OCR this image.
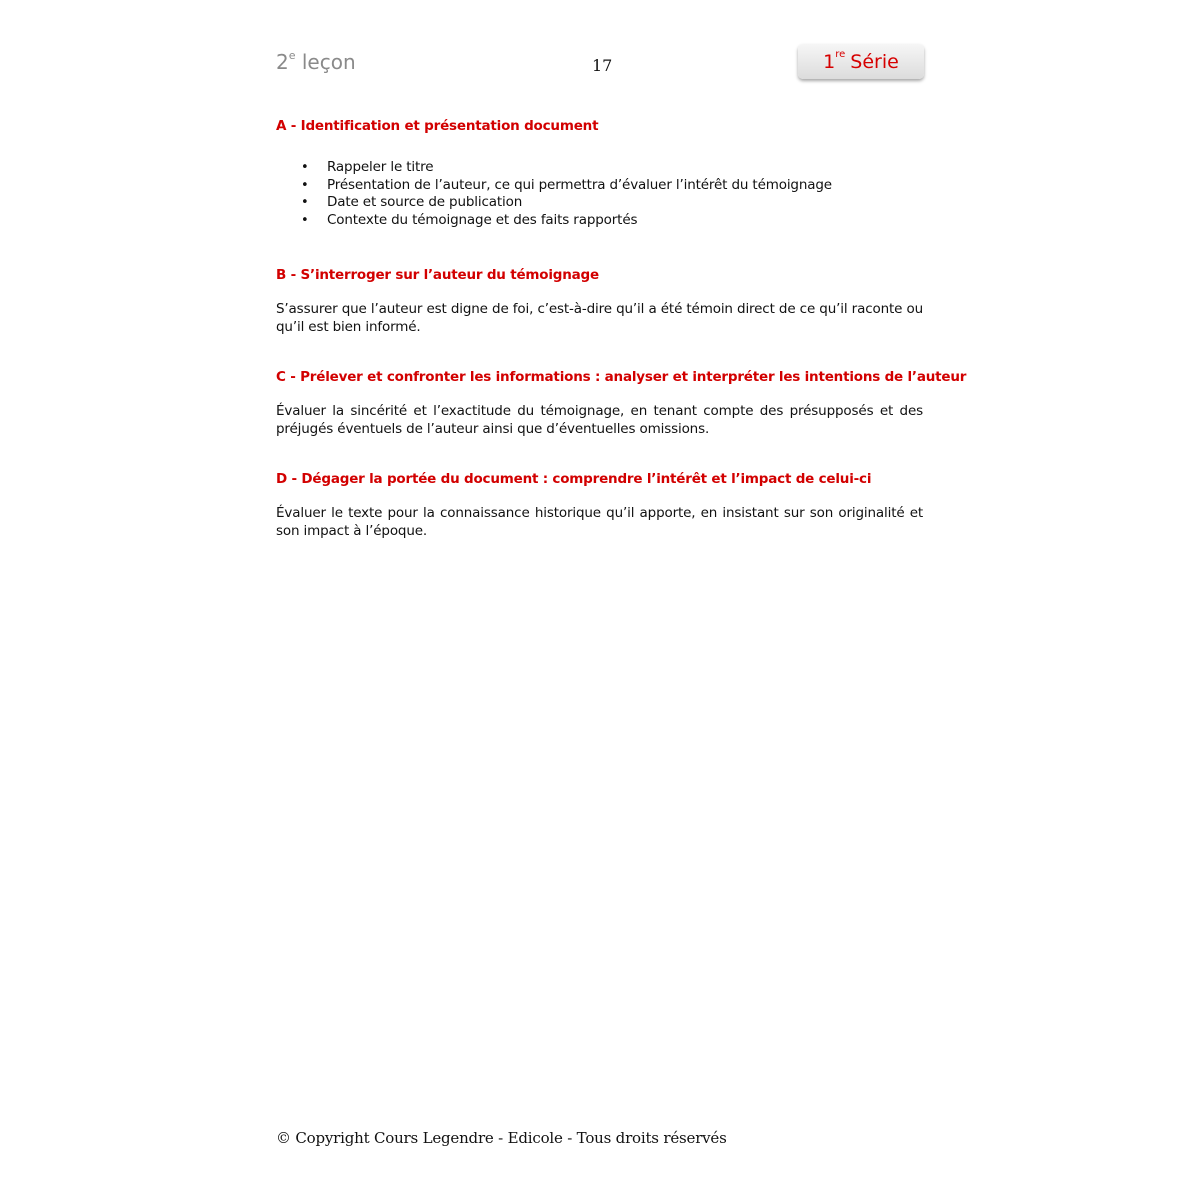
2e leçon	17	1re Série
A - Identification et présentation document
• Rappeler le titre
• Présentation de l’auteur, ce qui permettra d’évaluer l’intérêt du témoignage
• Date et source de publication
• Contexte du témoignage et des faits rapportés
B - S’interroger sur l’auteur du témoignage

S’assurer que l’auteur est digne de foi, c’est-à-dire qu’il a été témoin direct de ce qu’il raconte ou qu’il est bien informé.

C - Prélever et confronter les informations : analyser et interpréter les intentions de l’auteur

Évaluer la sincérité et l’exactitude du témoignage, en tenant compte des présupposés et des préjugés éventuels de l’auteur ainsi que d’éventuelles omissions.

D - Dégager la portée du document : comprendre l’intérêt et l’impact de celui-ci

Évaluer le texte pour la connaissance historique qu’il apporte, en insistant sur son originalité et son impact à l’époque.

© Copyright Cours Legendre - Edicole - Tous droits réservés
